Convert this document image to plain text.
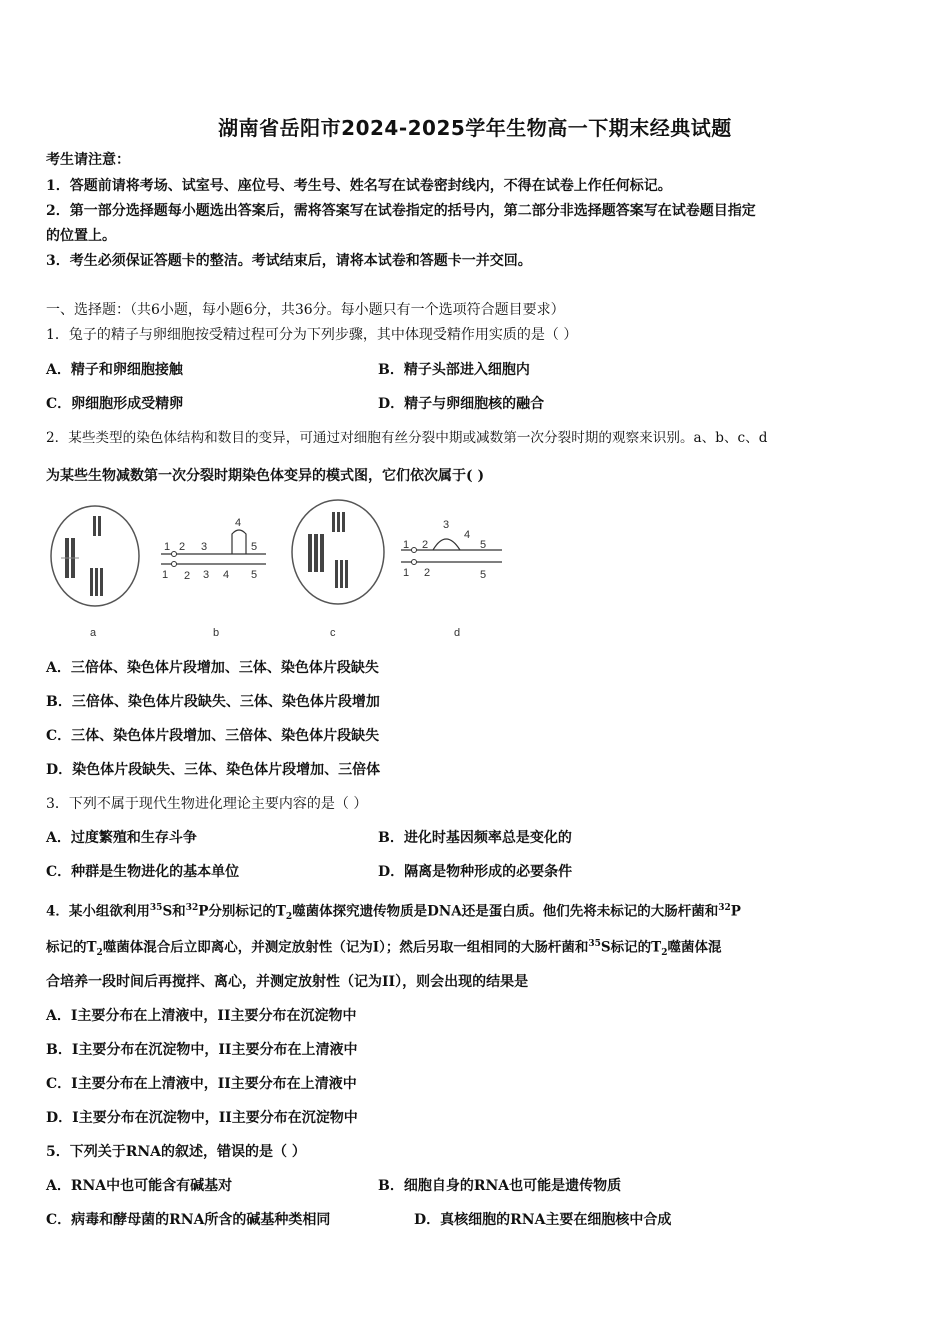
湖南省岳阳市2024-2025学年生物高一下期末经典试题
考生请注意：
1．答题前请将考场、试室号、座位号、考生号、姓名写在试卷密封线内，不得在试卷上作任何标记。
2．第一部分选择题每小题选出答案后，需将答案写在试卷指定的括号内，第二部分非选择题答案写在试卷题目指定
的位置上。
3．考生必须保证答题卡的整洁。考试结束后，请将本试卷和答题卡一并交回。
一、选择题：（共6小题，每小题6分，共36分。每小题只有一个选项符合题目要求）
1．兔子的精子与卵细胞按受精过程可分为下列步骤，其中体现受精作用实质的是（ ）
A．精子和卵细胞接触	B．精子头部进入细胞内
C．卵细胞形成受精卵	D．精子与卵细胞核的融合
2．某些类型的染色体结构和数目的变异，可通过对细胞有丝分裂中期或减数第一次分裂时期的观察来识别。a、b、c、d
为某些生物减数第一次分裂时期染色体变异的模式图，它们依次属于( )
1 2 3
4
5
1 2 3 4 5
1 2
3
4
5
1 2	5
a	b	c	d
A．三倍体、染色体片段增加、三体、染色体片段缺失
B．三倍体、染色体片段缺失、三体、染色体片段增加
C．三体、染色体片段增加、三倍体、染色体片段缺失
D．染色体片段缺失、三体、染色体片段增加、三倍体
3．下列不属于现代生物进化理论主要内容的是（ ）
A．过度繁殖和生存斗争	B．进化时基因频率总是变化的
C．种群是生物进化的基本单位	D．隔离是物种形成的必要条件
4．某小组欲利用$^{35}$S和$^{32}$P分别标记的$T_2$噬菌体探究遗传物质是DNA还是蛋白质。他们先将未标记的大肠杆菌和$^{32}$P
标记的$T_2$噬菌体混合后立即离心，并测定放射性（记为I）；然后另取一组相同的大肠杆菌和$^{35}$S标记的$T_2$噬菌体混
合培养一段时间后再搅拌、离心，并测定放射性（记为II），则会出现的结果是
A．I主要分布在上清液中，II主要分布在沉淀物中
B．I主要分布在沉淀物中，II主要分布在上清液中
C．I主要分布在上清液中，II主要分布在上清液中
D．I主要分布在沉淀物中，II主要分布在沉淀物中
5．下列关于RNA的叙述，错误的是（ ）
A．RNA中也可能含有碱基对	B．细胞自身的RNA也可能是遗传物质
C．病毒和酵母菌的RNA所含的碱基种类相同	D．真核细胞的RNA主要在细胞核中合成
